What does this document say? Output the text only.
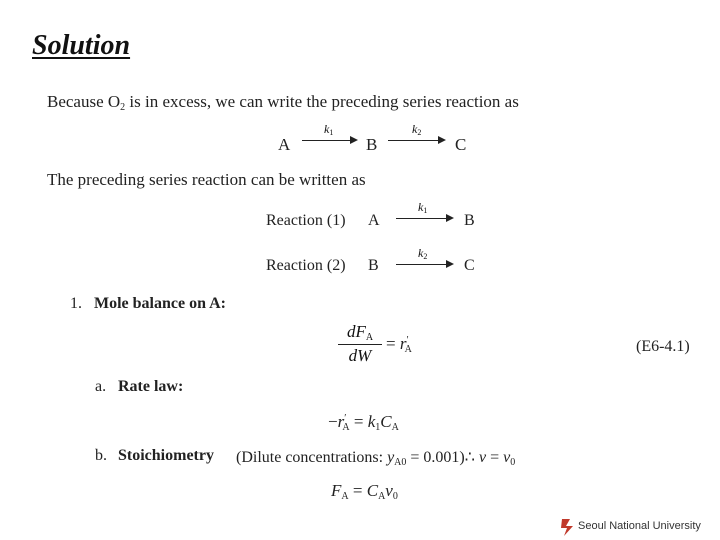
Solution
Because $O_2$ is in excess, we can write the preceding series reaction as
A
$k_1$
B
$k_2$
C
The preceding series reaction can be written as
Reaction (1) A
$k_1$
B
Reaction (2) B
$k_2$
C
1. Mole balance on A:
$dF_A$
dW
= $r'_A$	(E6-4.1)
a. Rate law:
$-r'_A = k_1C_A$
b. Stoichiometry (Dilute concentrations: $y_{A0}$ = 0.001)∴ $v = v_0$
$F_A = C_Av_0$
Seoul National University
